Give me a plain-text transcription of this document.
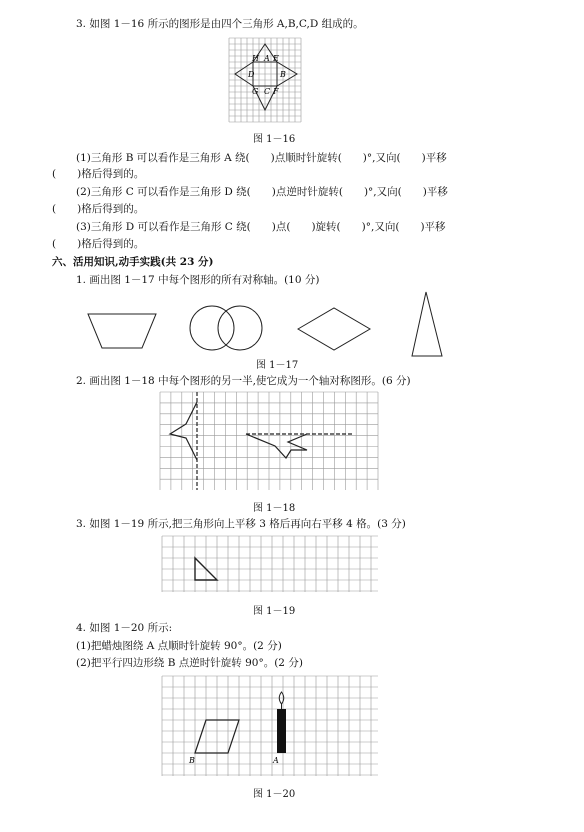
3. 如图 1－16 所示的图形是由四个三角形 A,B,C,D 组成的。
H A E
D	B
G C F
图 1－16
(1)三角形 B 可以看作是三角形 A 绕(　　)点顺时针旋转(　　)°,又向(　　)平移
(　　)格后得到的。
(2)三角形 C 可以看作是三角形 D 绕(　　)点逆时针旋转(　　)°,又向(　　)平移
(　　)格后得到的。
(3)三角形 D 可以看作是三角形 C 绕(　　)点(　　)旋转(　　)°,又向(　　)平移
(　　)格后得到的。
六、活用知识,动手实践(共 23 分)
1. 画出图 1－17 中每个图形的所有对称轴。(10 分)
图 1－17
2. 画出图 1－18 中每个图形的另一半,使它成为一个轴对称图形。(6 分)
图 1－18
3. 如图 1－19 所示,把三角形向上平移 3 格后再向右平移 4 格。(3 分)
图 1－19
4. 如图 1－20 所示:
(1)把蜡烛图绕 A 点顺时针旋转 90°。(2 分)
(2)把平行四边形绕 B 点逆时针旋转 90°。(2 分)
B	A
图 1－20
